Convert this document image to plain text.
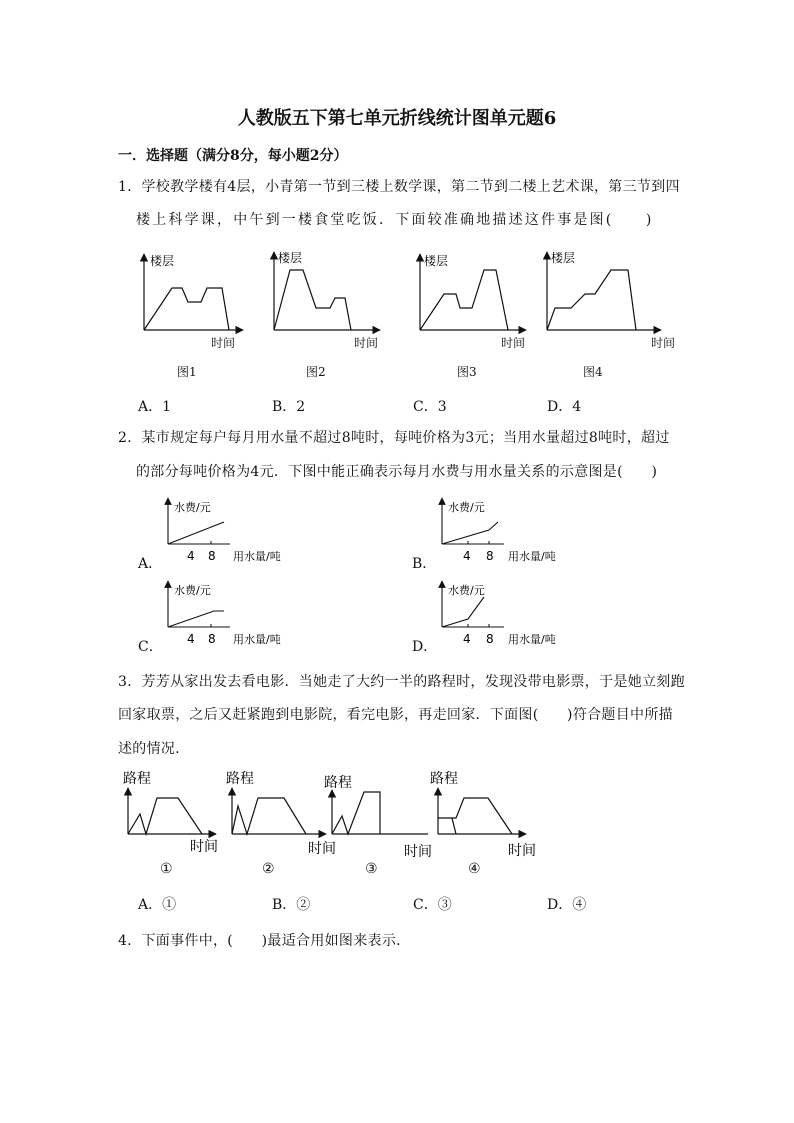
人教版五下第七单元折线统计图单元题6
一．选择题（满分8分，每小题2分）
1．学校教学楼有4层，小青第一节到三楼上数学课，第二节到二楼上艺术课，第三节到四
楼上科学课，中午到一楼食堂吃饭．下面较准确地描述这件事是图(　　)
楼层
时间
楼层
时间
楼层
时间
楼层
时间
图1	图2	图3	图4
A．1	B．2	C．3	D．4
2．某市规定每户每月用水量不超过8吨时，每吨价格为3元；当用水量超过8吨时，超过
的部分每吨价格为4元．下图中能正确表示每月水费与用水量关系的示意图是(　　)
水费/元
4 8 用水量/吨
A．
水费/元
4 8 用水量/吨
B．
水费/元
4 8 用水量/吨
C．
水费/元
4 8 用水量/吨
D．
3．芳芳从家出发去看电影．当她走了大约一半的路程时，发现没带电影票，于是她立刻跑
回家取票，之后又赶紧跑到电影院，看完电影，再走回家．下面图(　　)符合题目中所描
述的情况．
路程
时间
路程
时间
路程
时间
路程
时间
①	②	③	④
A．①	B．②	C．③	D．④
4．下面事件中，(　　)最适合用如图来表示．
